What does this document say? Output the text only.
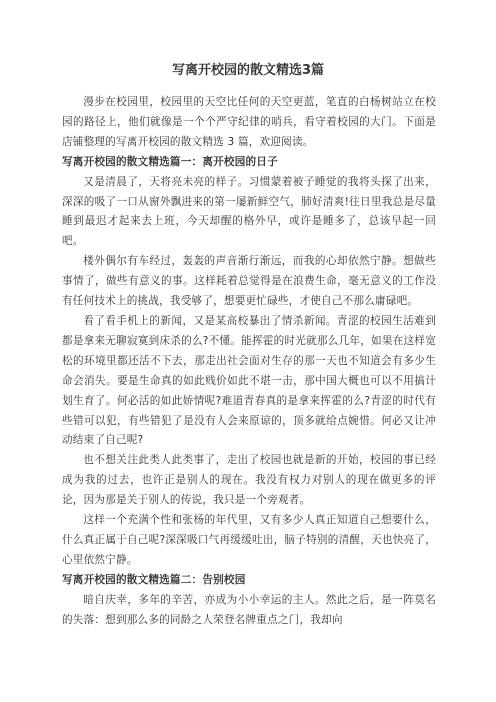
写离开校园的散文精选3篇

漫步在校园里，校园里的天空比任何的天空更蓝，笔直的白杨树站立在校园的路径上，他们就像是一个个严守纪律的哨兵，看守着校园的大门。下面是店铺整理的写离开校园的散文精选 3 篇，欢迎阅读。

写离开校园的散文精选篇一：离开校园的日子

又是清晨了，天将亮未亮的样子。习惯蒙着被子睡觉的我将头探了出来，深深的吸了一口从窗外飘进来的第一屡新鲜空气，肺好清爽!往日里我总是尽量睡到最迟才起来去上班，今天却醒的格外早，或许是睡多了，总该早起一回吧。

楼外偶尔有车经过，轰轰的声音渐行渐远，而我的心却依然宁静。想做些事情了，做些有意义的事。这样耗着总觉得是在浪费生命，毫无意义的工作没有任何技术上的挑战，我受够了，想要更忙碌些，才使自己不那么庸碌吧。

看了看手机上的新闻，又是某高校暴出了情杀新闻。青涩的校园生活难到都是拿来无聊寂寞到床杀的么?不懂。能挥霍的时光就那么几年，如果在这样宽松的环境里都还活不下去，那走出社会面对生存的那一天也不知道会有多少生命会消失。要是生命真的如此贱价如此不堪一击，那中国大概也可以不用搞计划生育了。何必活的如此娇情呢?难道青春真的是拿来挥霍的么?青涩的时代有些错可以犯，有些错犯了是没有人会来原谅的，顶多就给点婉惜。何必又让冲动结束了自己呢?

也不想关注此类人此类事了，走出了校园也就是新的开始，校园的事已经成为我的过去，也许正是别人的现在。我没有权力对别人的现在做更多的评论，因为那是关于别人的传说，我只是一个旁观者。

这样一个充满个性和张杨的年代里，又有多少人真正知道自己想要什么，什么真正属于自己呢?深深吸口气再缓缓吐出，脑子特别的清醒，天也快亮了，心里依然宁静。

写离开校园的散文精选篇二：告别校园

暗自庆幸，多年的辛苦，亦成为小小幸运的主人。然此之后，是一阵莫名的失落：想到那么多的同龄之人荣登名牌重点之门，我却向
